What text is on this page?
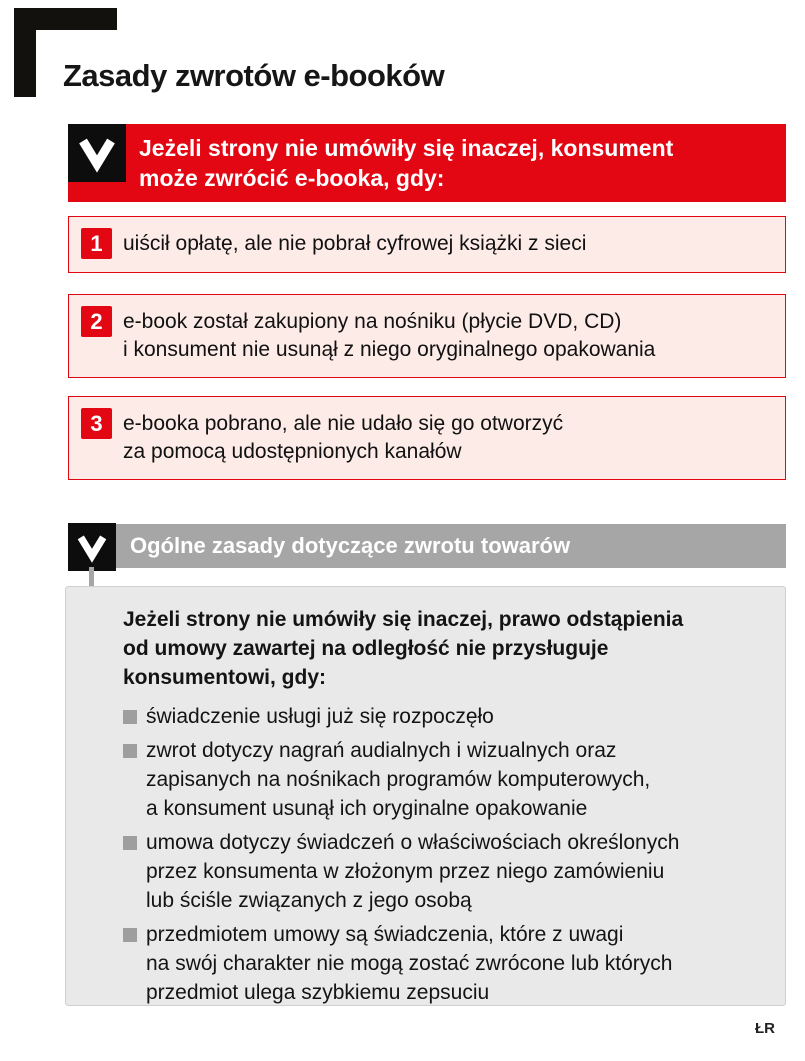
Zasady zwrotów e-booków
Jeżeli strony nie umówiły się inaczej, konsument
może zwrócić e-booka, gdy:
1 uiścił opłatę, ale nie pobrał cyfrowej książki z sieci
2 e-book został zakupiony na nośniku (płycie DVD, CD)
i konsument nie usunął z niego oryginalnego opakowania
3 e-booka pobrano, ale nie udało się go otworzyć
za pomocą udostępnionych kanałów
Ogólne zasady dotyczące zwrotu towarów
Jeżeli strony nie umówiły się inaczej, prawo odstąpienia
od umowy zawartej na odległość nie przysługuje
konsumentowi, gdy:
świadczenie usługi już się rozpoczęło
zwrot dotyczy nagrań audialnych i wizualnych oraz
zapisanych na nośnikach programów komputerowych,
a konsument usunął ich oryginalne opakowanie
umowa dotyczy świadczeń o właściwościach określonych
przez konsumenta w złożonym przez niego zamówieniu
lub ściśle związanych z jego osobą
przedmiotem umowy są świadczenia, które z uwagi
na swój charakter nie mogą zostać zwrócone lub których
przedmiot ulega szybkiemu zepsuciu
ŁR
